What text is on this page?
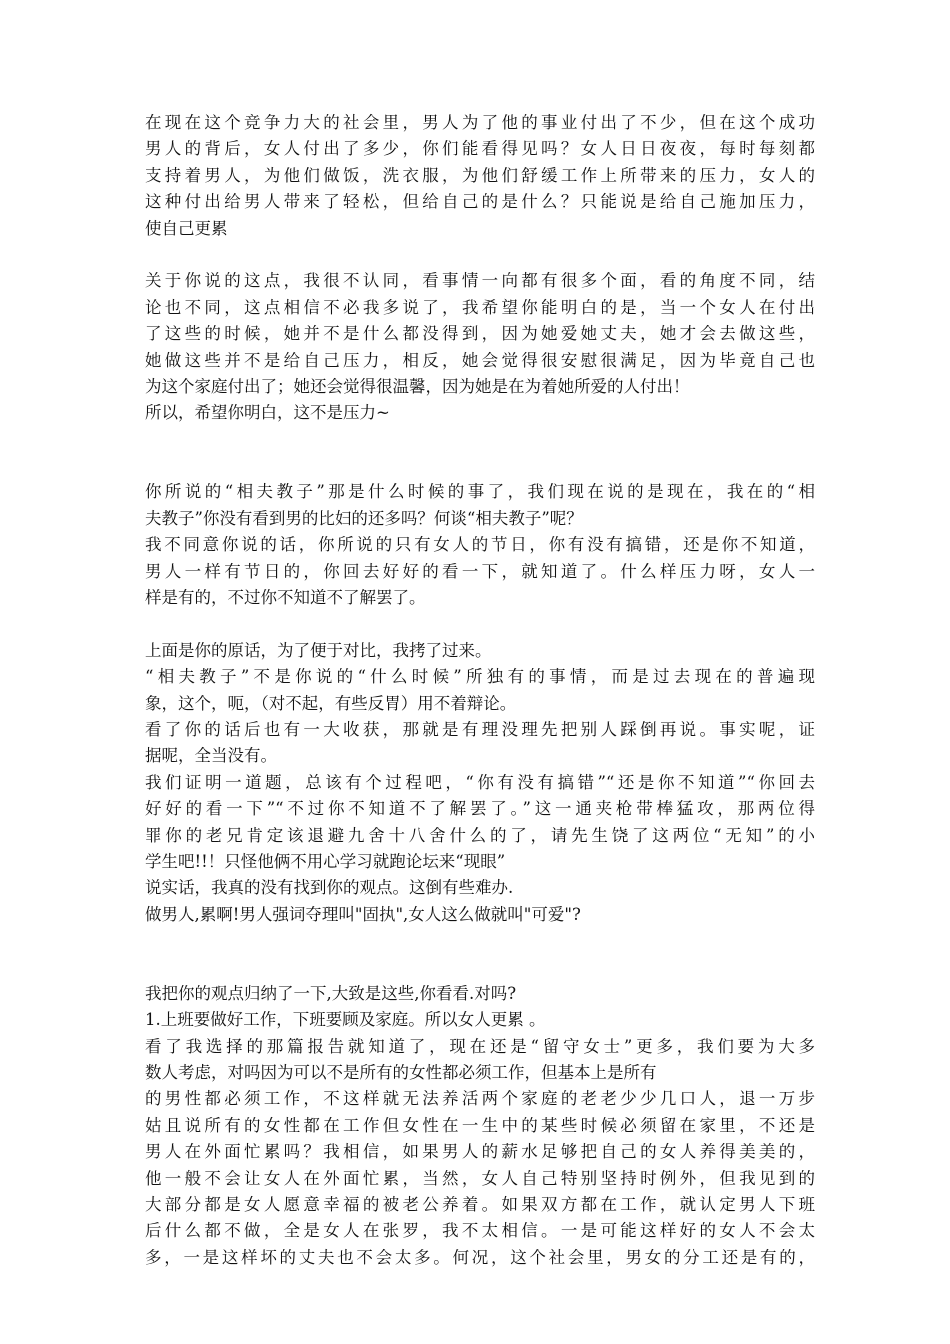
在现在这个竞争力大的社会里，男人为了他的事业付出了不少，但在这个成功
男人的背后，女人付出了多少，你们能看得见吗？女人日日夜夜，每时每刻都
支持着男人，为他们做饭，洗衣服，为他们舒缓工作上所带来的压力，女人的
这种付出给男人带来了轻松，但给自己的是什么？只能说是给自己施加压力，
使自己更累
关于你说的这点，我很不认同，看事情一向都有很多个面，看的角度不同，结
论也不同，这点相信不必我多说了，我希望你能明白的是，当一个女人在付出
了这些的时候，她并不是什么都没得到，因为她爱她丈夫，她才会去做这些，
她做这些并不是给自己压力，相反，她会觉得很安慰很满足，因为毕竟自己也
为这个家庭付出了；她还会觉得很温馨，因为她是在为着她所爱的人付出！
所以，希望你明白，这不是压力~
你所说的“相夫教子”那是什么时候的事了，我们现在说的是现在，我在的“相
夫教子”你没有看到男的比妇的还多吗？何谈“相夫教子”呢？
我不同意你说的话，你所说的只有女人的节日，你有没有搞错，还是你不知道，
男人一样有节日的，你回去好好的看一下，就知道了。什么样压力呀，女人一
样是有的，不过你不知道不了解罢了。
上面是你的原话，为了便于对比，我拷了过来。
“相夫教子”不是你说的“什么时候”所独有的事情，而是过去现在的普遍现
象，这个，呃，（对不起，有些反胃）用不着辩论。
看了你的话后也有一大收获，那就是有理没理先把别人踩倒再说。事实呢，证
据呢，全当没有。
我们证明一道题，总该有个过程吧，“你有没有搞错”“还是你不知道”“你回去
好好的看一下”“不过你不知道不了解罢了。”这一通夹枪带棒猛攻，那两位得
罪你的老兄肯定该退避九舍十八舍什么的了，请先生饶了这两位“无知”的小
学生吧!!！只怪他俩不用心学习就跑论坛来“现眼”
说实话，我真的没有找到你的观点。这倒有些难办.
做男人,累啊!男人强词夺理叫"固执",女人这么做就叫"可爱"?
我把你的观点归纳了一下,大致是这些,你看看.对吗?
1.上班要做好工作，下班要顾及家庭。所以女人更累 。
看了我选择的那篇报告就知道了，现在还是“留守女士”更多，我们要为大多
数人考虑，对吗因为可以不是所有的女性都必须工作，但基本上是所有
的男性都必须工作，不这样就无法养活两个家庭的老老少少几口人，退一万步
姑且说所有的女性都在工作但女性在一生中的某些时候必须留在家里，不还是
男人在外面忙累吗？我相信，如果男人的薪水足够把自己的女人养得美美的，
他一般不会让女人在外面忙累，当然，女人自己特别坚持时例外，但我见到的
大部分都是女人愿意幸福的被老公养着。如果双方都在工作，就认定男人下班
后什么都不做，全是女人在张罗，我不太相信。一是可能这样好的女人不会太
多，一是这样坏的丈夫也不会太多。何况，这个社会里，男女的分工还是有的，
